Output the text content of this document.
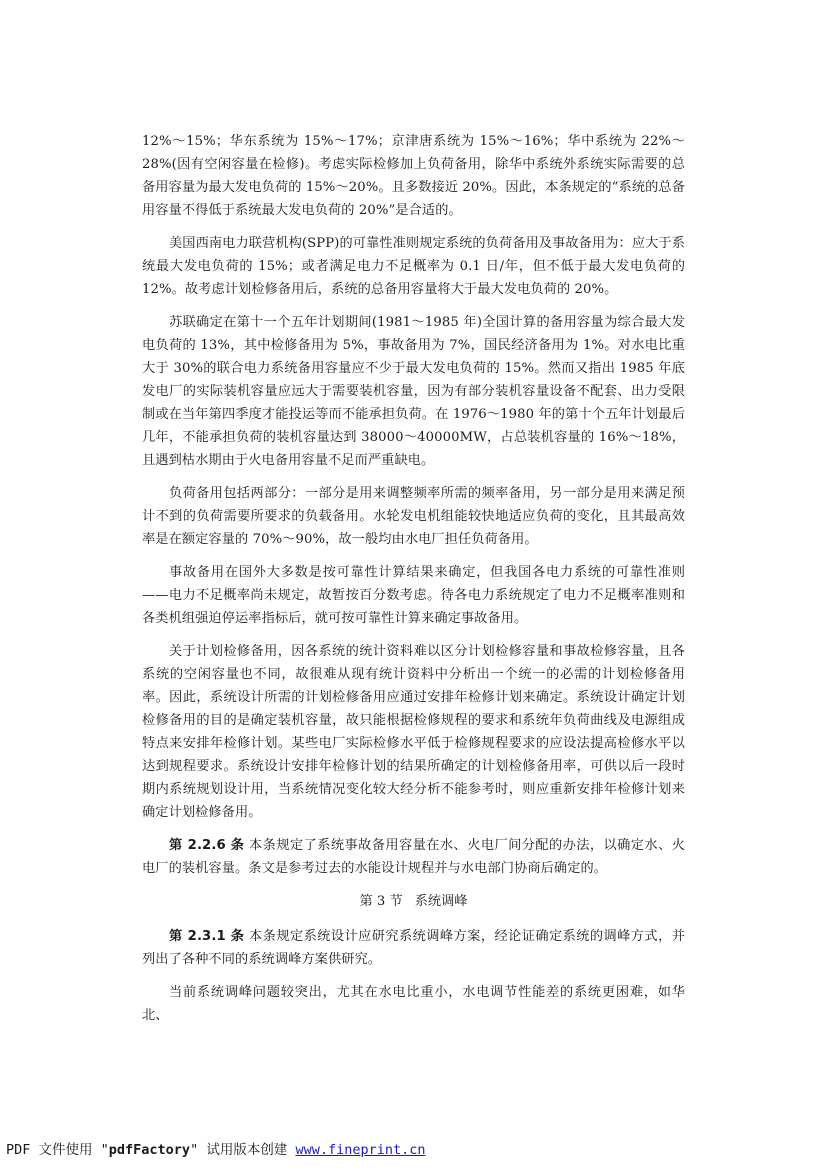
12%～15%；华东系统为 15%～17%；京津唐系统为 15%～16%；华中系统为 22%～28%(因有空闲容量在检修)。考虑实际检修加上负荷备用，除华中系统外系统实际需要的总备用容量为最大发电负荷的 15%～20%。且多数接近 20%。因此，本条规定的“系统的总备用容量不得低于系统最大发电负荷的 20%”是合适的。

美国西南电力联营机构(SPP)的可靠性准则规定系统的负荷备用及事故备用为：应大于系统最大发电负荷的 15%；或者满足电力不足概率为 0.1 日/年，但不低于最大发电负荷的12%。故考虑计划检修备用后，系统的总备用容量将大于最大发电负荷的 20%。

苏联确定在第十一个五年计划期间(1981～1985 年)全国计算的备用容量为综合最大发电负荷的 13%，其中检修备用为 5%，事故备用为 7%，国民经济备用为 1%。对水电比重大于 30%的联合电力系统备用容量应不少于最大发电负荷的 15%。然而又指出 1985 年底发电厂的实际装机容量应远大于需要装机容量，因为有部分装机容量设备不配套、出力受限制或在当年第四季度才能投运等而不能承担负荷。在 1976～1980 年的第十个五年计划最后几年，不能承担负荷的装机容量达到 38000～40000MW，占总装机容量的 16%～18%，且遇到枯水期由于火电备用容量不足而严重缺电。

负荷备用包括两部分：一部分是用来调整频率所需的频率备用，另一部分是用来满足预计不到的负荷需要所要求的负载备用。水轮发电机组能较快地适应负荷的变化，且其最高效率是在额定容量的 70%～90%，故一般均由水电厂担任负荷备用。

事故备用在国外大多数是按可靠性计算结果来确定，但我国各电力系统的可靠性准则——电力不足概率尚未规定，故暂按百分数考虑。待各电力系统规定了电力不足概率准则和各类机组强迫停运率指标后，就可按可靠性计算来确定事故备用。

关于计划检修备用，因各系统的统计资料难以区分计划检修容量和事故检修容量，且各系统的空闲容量也不同，故很难从现有统计资料中分析出一个统一的必需的计划检修备用率。因此，系统设计所需的计划检修备用应通过安排年检修计划来确定。系统设计确定计划检修备用的目的是确定装机容量，故只能根据检修规程的要求和系统年负荷曲线及电源组成特点来安排年检修计划。某些电厂实际检修水平低于检修规程要求的应设法提高检修水平以达到规程要求。系统设计安排年检修计划的结果所确定的计划检修备用率，可供以后一段时期内系统规划设计用，当系统情况变化较大经分析不能参考时，则应重新安排年检修计划来确定计划检修备用。

第 2.2.6 条 本条规定了系统事故备用容量在水、火电厂间分配的办法，以确定水、火电厂的装机容量。条文是参考过去的水能设计规程并与水电部门协商后确定的。

第 3 节 系统调峰

第 2.3.1 条 本条规定系统设计应研究系统调峰方案，经论证确定系统的调峰方式，并列出了各种不同的系统调峰方案供研究。

当前系统调峰问题较突出，尤其在水电比重小，水电调节性能差的系统更困难，如华北、

PDF 文件使用 "pdfFactory" 试用版本创建 www.fineprint.cn
